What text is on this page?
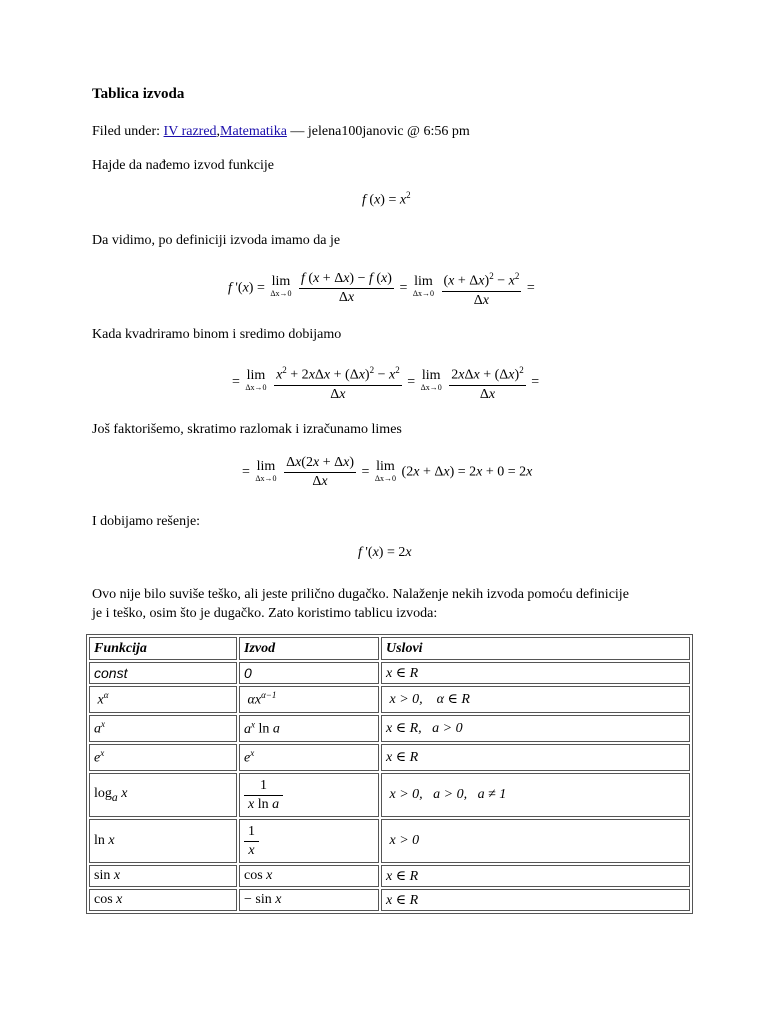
Tablica izvoda
Filed under: IV razred,Matematika — jelena100janovic @ 6:56 pm
Hajde da nađemo izvod funkcije
f $(x) = x^2$
Da vidimo, po definiciji izvoda imamo da je
f '(x) = lim
Δx→0
$\frac{f (x + \Delta x) - f (x)}{\Delta x} = \lim$
Δx→0
$\frac{(x + \Delta x)^2 - x^2}{\Delta x}$ =
Kada kvadriramo binom i sredimo dobijamo
= lim
Δx→0
$\frac{x^2 + 2x\Delta x + (\Delta x)^2 - x^2}{\Delta x} = \lim$
Δx→0
$\frac{2x\Delta x + (\Delta x)^2}{\Delta x}$ =
Još faktorišemo, skratimo razlomak i izračunamo limes
= lim
Δx→0
$\frac{\Delta x(2x + \Delta x)}{\Delta x} = \lim$
Δx→0 (2x + Δx) = 2x + 0 = 2x
I dobijamo rešenje:
f '(x) = 2x
Ovo nije bilo suviše teško, ali jeste prilično dugačko. Nalaženje nekih izvoda pomoću definicije
je i teško, osim što je dugačko. Zato koristimo tablicu izvoda:
Funkcija	Izvod	Uslovi
const	0	x ∈ R
$x^\alpha$	$\alpha x^{\alpha-1}$	x > 0,    α ∈ R
$a^x$	$a^x$ ln a	x ∈ R,   a > 0
$e^x$	$e^x$	x ∈ R
$\log_a x$	$\frac{1}{\text{x ln a}}$	x > 0,   a > 0,   a ≠ 1
ln x	$\frac{1}{x}$	x > 0
sin x	cos x	x ∈ R
cos x	− sin x	x ∈ R
